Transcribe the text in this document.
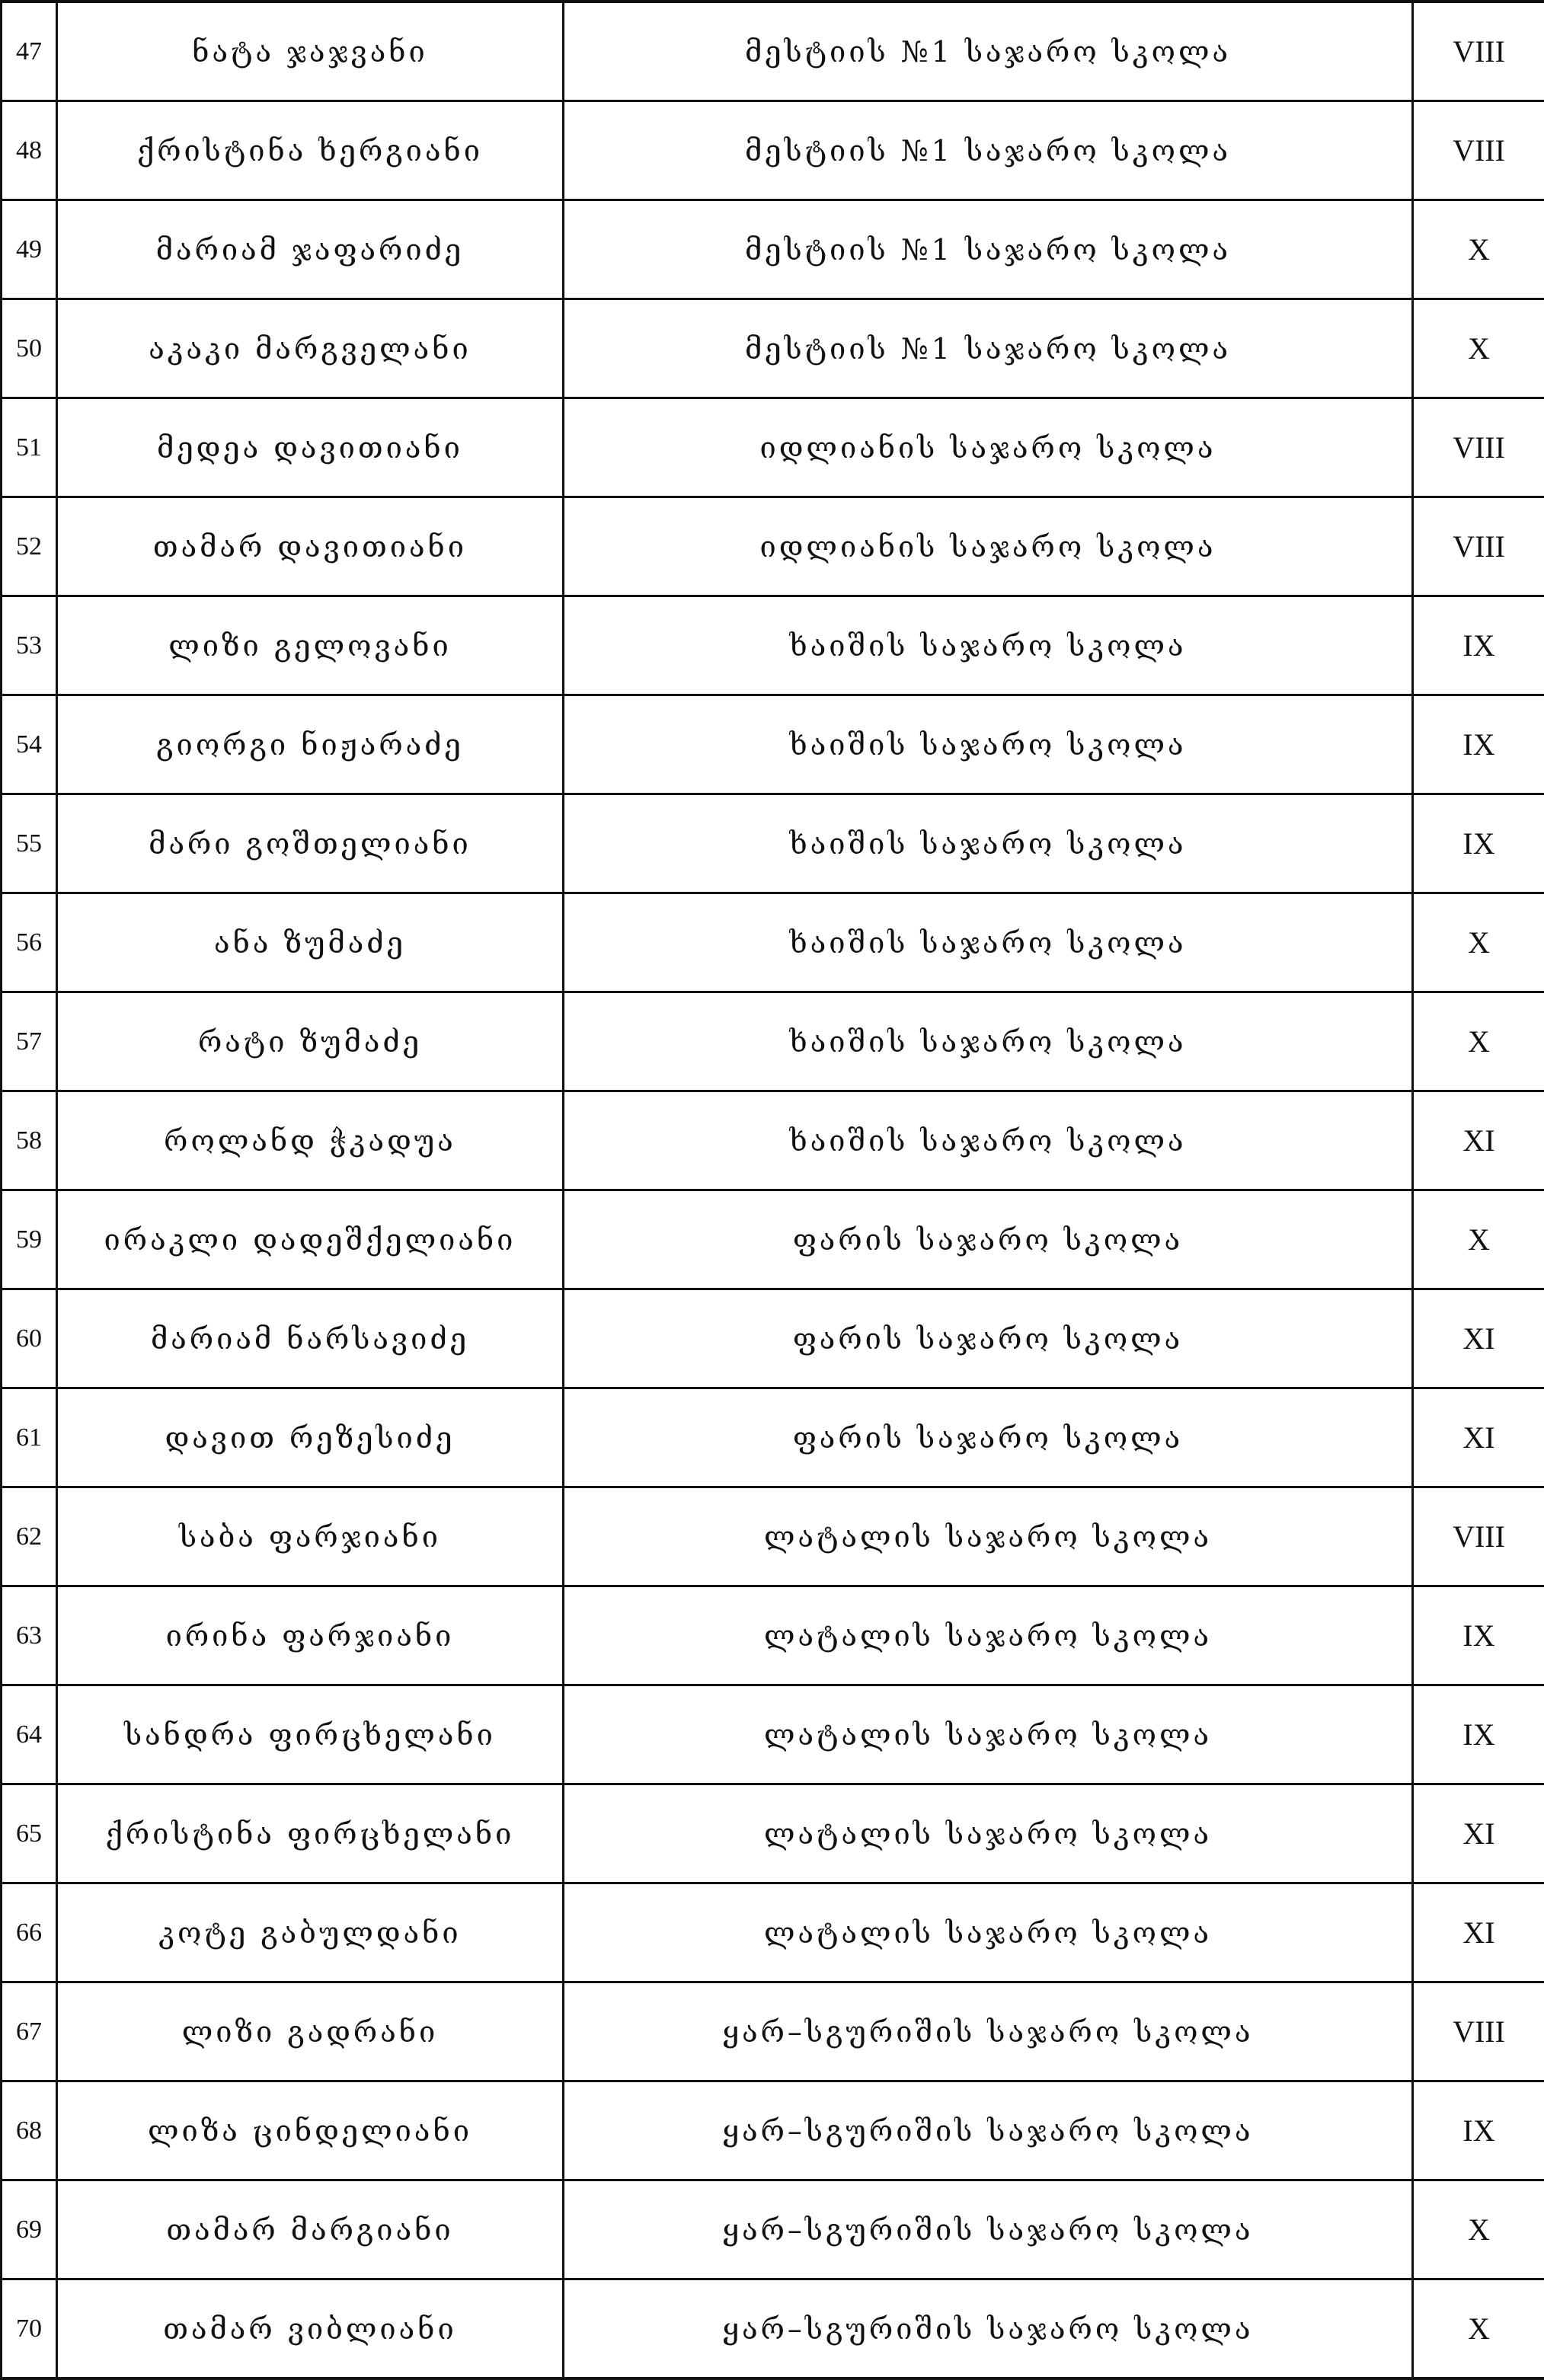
47	ნატა ჯაჯვანი	მესტიის №1 საჯარო სკოლა	VIII
48	ქრისტინა ხერგიანი	მესტიის №1 საჯარო სკოლა	VIII
49	მარიამ ჯაფარიძე	მესტიის №1 საჯარო სკოლა	X
50	აკაკი მარგველანი	მესტიის №1 საჯარო სკოლა	X
51	მედეა დავითიანი	იდლიანის საჯარო სკოლა	VIII
52	თამარ დავითიანი	იდლიანის საჯარო სკოლა	VIII
53	ლიზი გელოვანი	ხაიშის საჯარო სკოლა	IX
54	გიორგი ნიჟარაძე	ხაიშის საჯარო სკოლა	IX
55	მარი გოშთელიანი	ხაიშის საჯარო სკოლა	IX
56	ანა ზუმაძე	ხაიშის საჯარო სკოლა	X
57	რატი ზუმაძე	ხაიშის საჯარო სკოლა	X
58	როლანდ ჭკადუა	ხაიშის საჯარო სკოლა	XI
59	ირაკლი დადეშქელიანი	ფარის საჯარო სკოლა	X
60	მარიამ ნარსავიძე	ფარის საჯარო სკოლა	XI
61	დავით რეზესიძე	ფარის საჯარო სკოლა	XI
62	საბა ფარჯიანი	ლატალის საჯარო სკოლა	VIII
63	ირინა ფარჯიანი	ლატალის საჯარო სკოლა	IX
64	სანდრა ფირცხელანი	ლატალის საჯარო სკოლა	IX
65	ქრისტინა ფირცხელანი	ლატალის საჯარო სკოლა	XI
66	კოტე გაბულდანი	ლატალის საჯარო სკოლა	XI
67	ლიზი გადრანი	ყარ–სგურიშის საჯარო სკოლა	VIII
68	ლიზა ცინდელიანი	ყარ–სგურიშის საჯარო სკოლა	IX
69	თამარ მარგიანი	ყარ–სგურიშის საჯარო სკოლა	X
70	თამარ ვიბლიანი	ყარ–სგურიშის საჯარო სკოლა	X
